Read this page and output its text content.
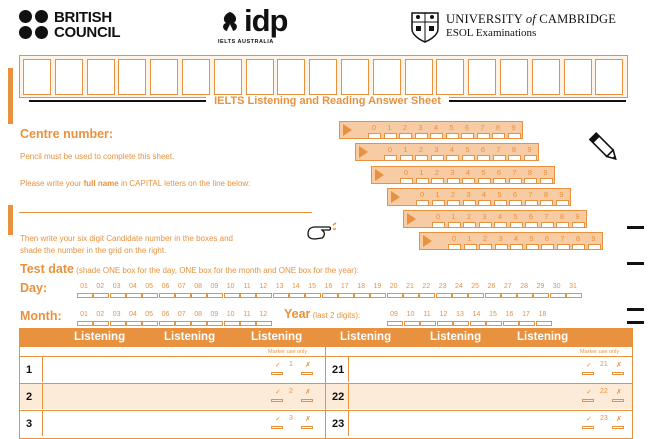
BRITISH
COUNCIL	idp
IELTS AUSTRALIA
UNIVERSITY of CAMBRIDGE
ESOL Examinations
IELTS Listening and Reading Answer Sheet
Centre number:
Pencil must be used to complete this sheet.
Please write your full name in CAPITAL letters on the line below:
Then write your six digit Candidate number in the boxes and
shade the number in the grid on the right.
0	1	2	3	4	5	6	7	8	9
0	1	2	3	4	5	6	7	8	9
0	1	2	3	4	5	6	7	8	9
0	1	2	3	4	5	6	7	8	9
0	1	2	3	4	5	6	7	8	9
0	1	2	3	4	5	6	7	8	9
Test date (shade ONE box for the day, ONE box for the month and ONE box for the year):
Day:	01	02	03	04	05	06	07	08	09	10	11	12	13	14	15	16	17	18	19	20	21	22	23	24	25	26	27	28	29	30	31
Month:	01	02	03	04	05	06	07	08	09	10	11	12	Year (last 2 digits):	09	10	11	12	13	14	15	16	17	18
Listening	Listening	Listening	Listening	Listening	Listening
Marker use only	Marker use only
1	✓ 1 ✗
2	✓ 2 ✗
3	✓ 3 ✗
21	✓ 21 ✗
22	✓ 22 ✗
23	✓ 23 ✗
